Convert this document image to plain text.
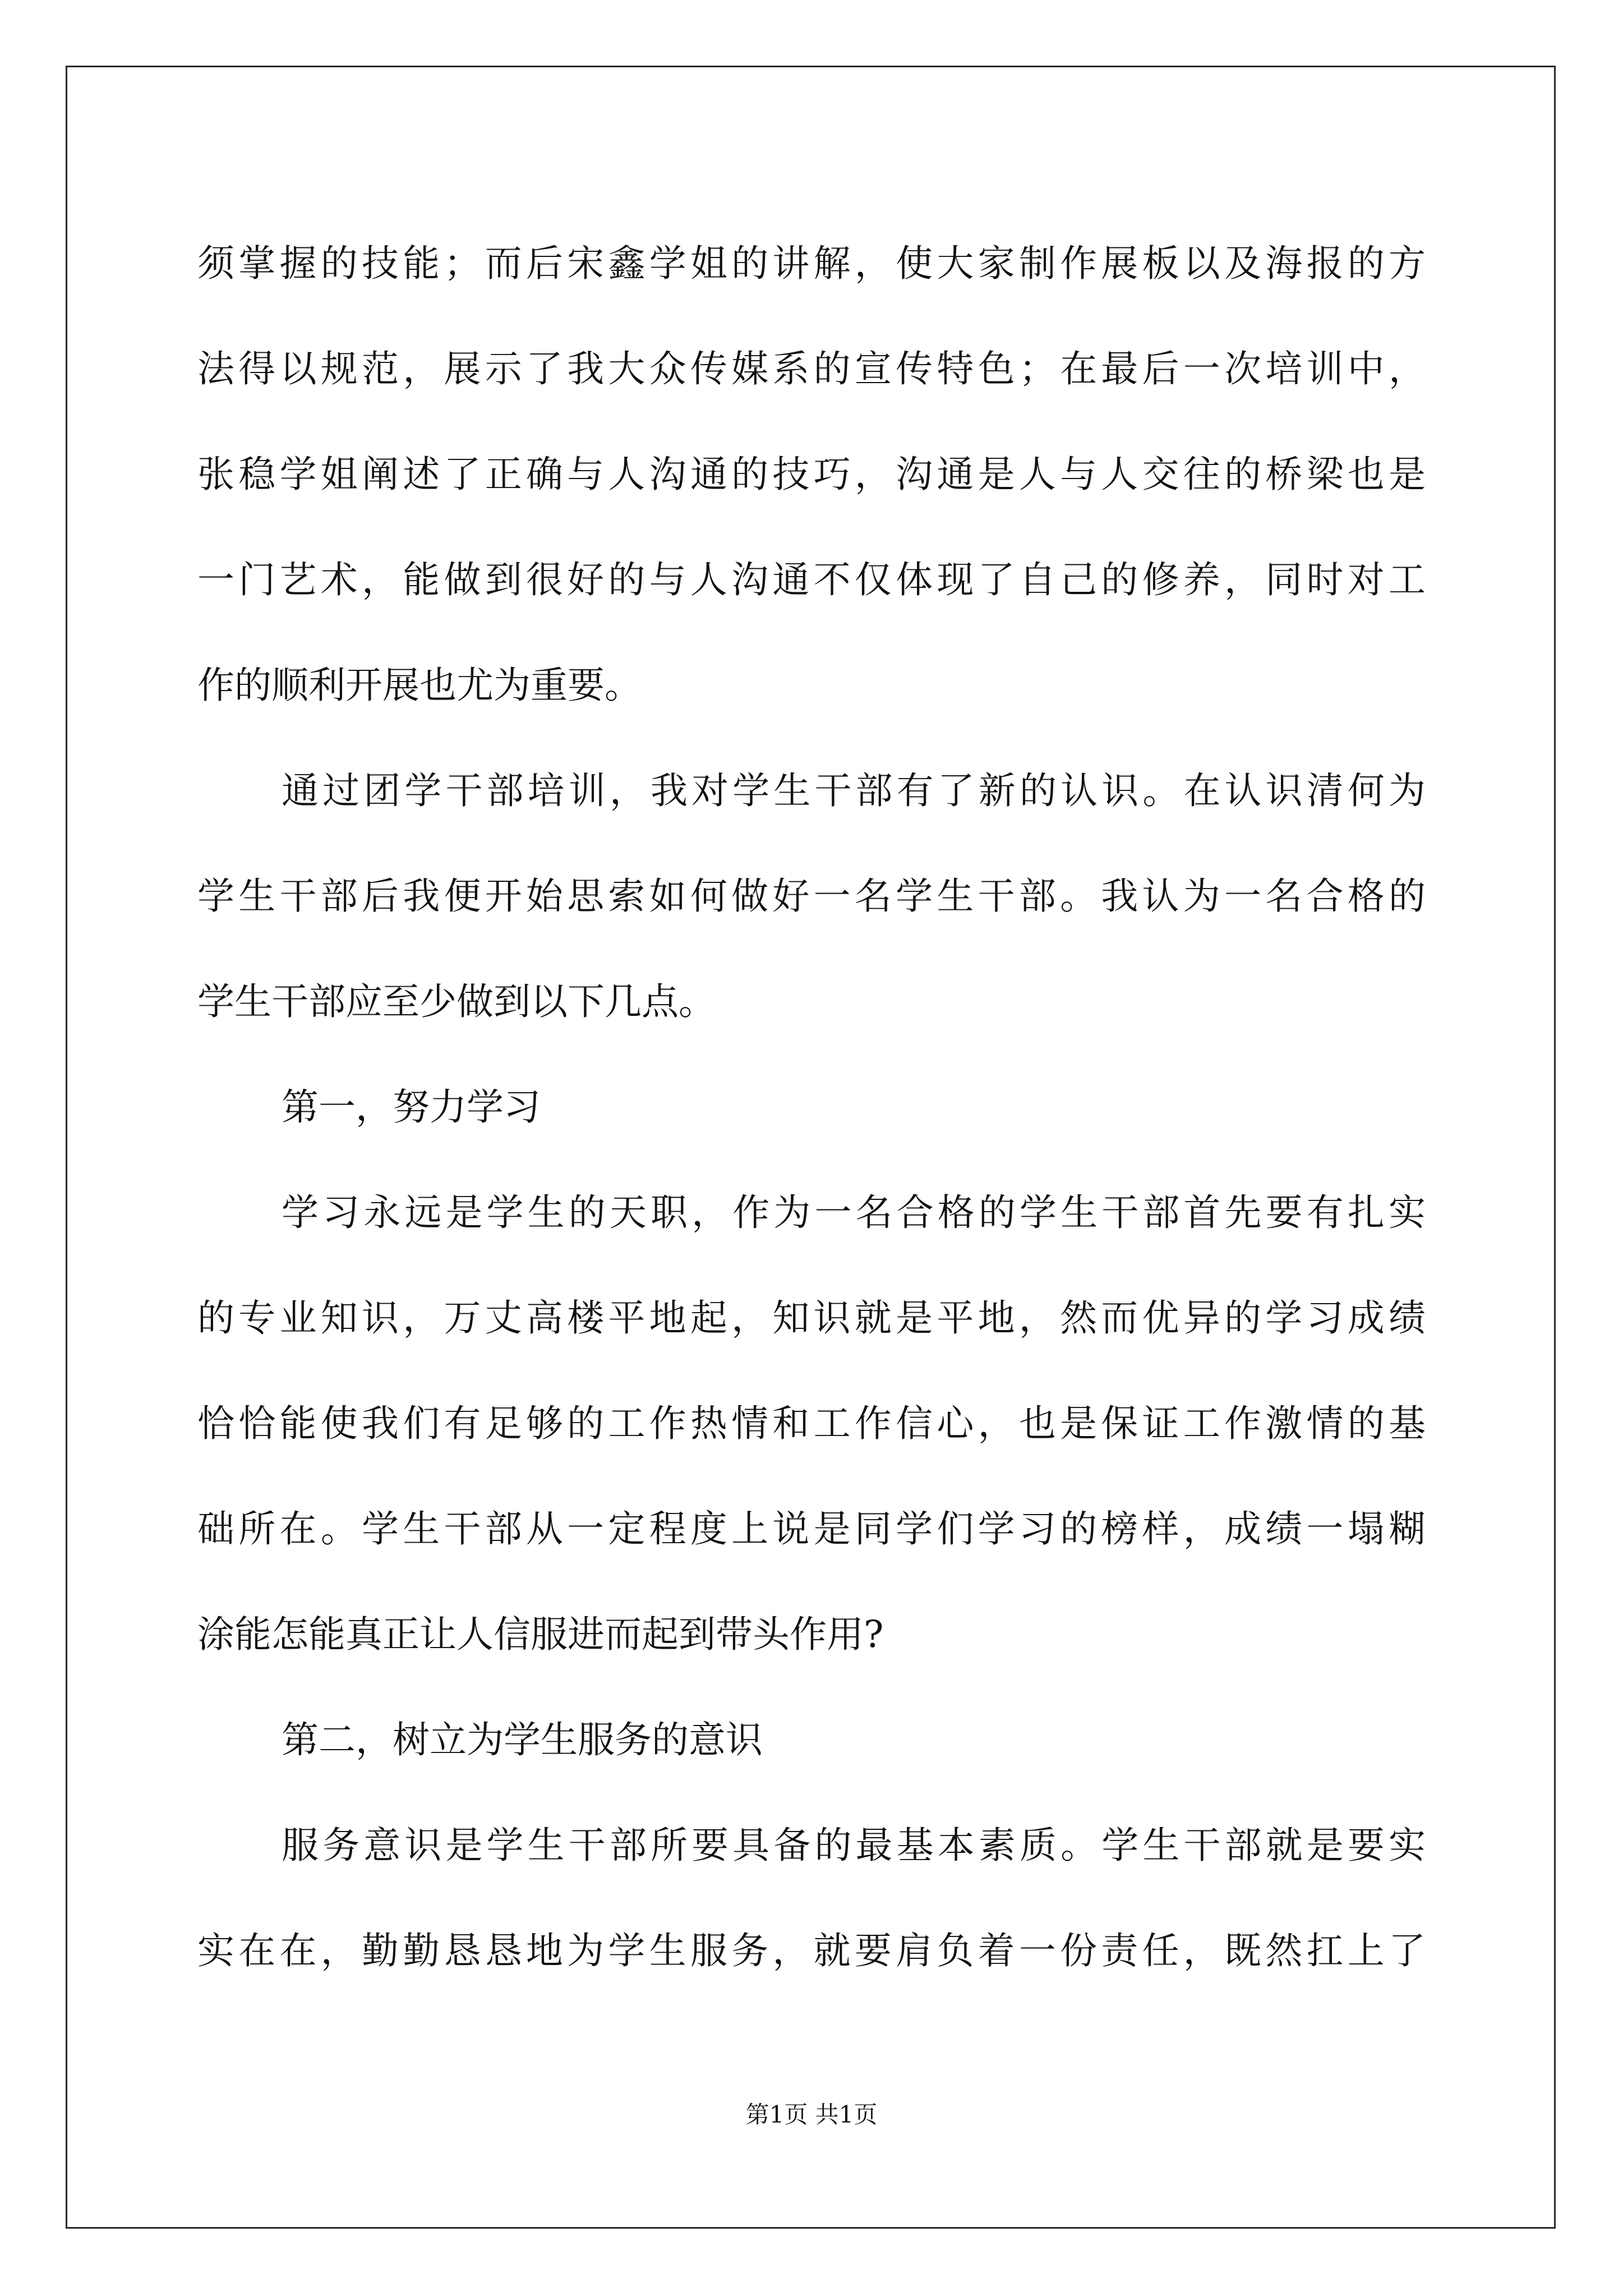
须掌握的技能；而后宋鑫学姐的讲解，使大家制作展板以及海报的方
法得以规范，展示了我大众传媒系的宣传特色；在最后一次培训中，
张稳学姐阐述了正确与人沟通的技巧，沟通是人与人交往的桥梁也是
一门艺术，能做到很好的与人沟通不仅体现了自己的修养，同时对工
作的顺利开展也尤为重要。
通过团学干部培训，我对学生干部有了新的认识。在认识清何为
学生干部后我便开始思索如何做好一名学生干部。我认为一名合格的
学生干部应至少做到以下几点。
第一，努力学习
学习永远是学生的天职，作为一名合格的学生干部首先要有扎实
的专业知识，万丈高楼平地起，知识就是平地，然而优异的学习成绩
恰恰能使我们有足够的工作热情和工作信心，也是保证工作激情的基
础所在。学生干部从一定程度上说是同学们学习的榜样，成绩一塌糊
涂能怎能真正让人信服进而起到带头作用?
第二，树立为学生服务的意识
服务意识是学生干部所要具备的最基本素质。学生干部就是要实
实在在，勤勤恳恳地为学生服务，就要肩负着一份责任，既然扛上了
第1页 共1页
